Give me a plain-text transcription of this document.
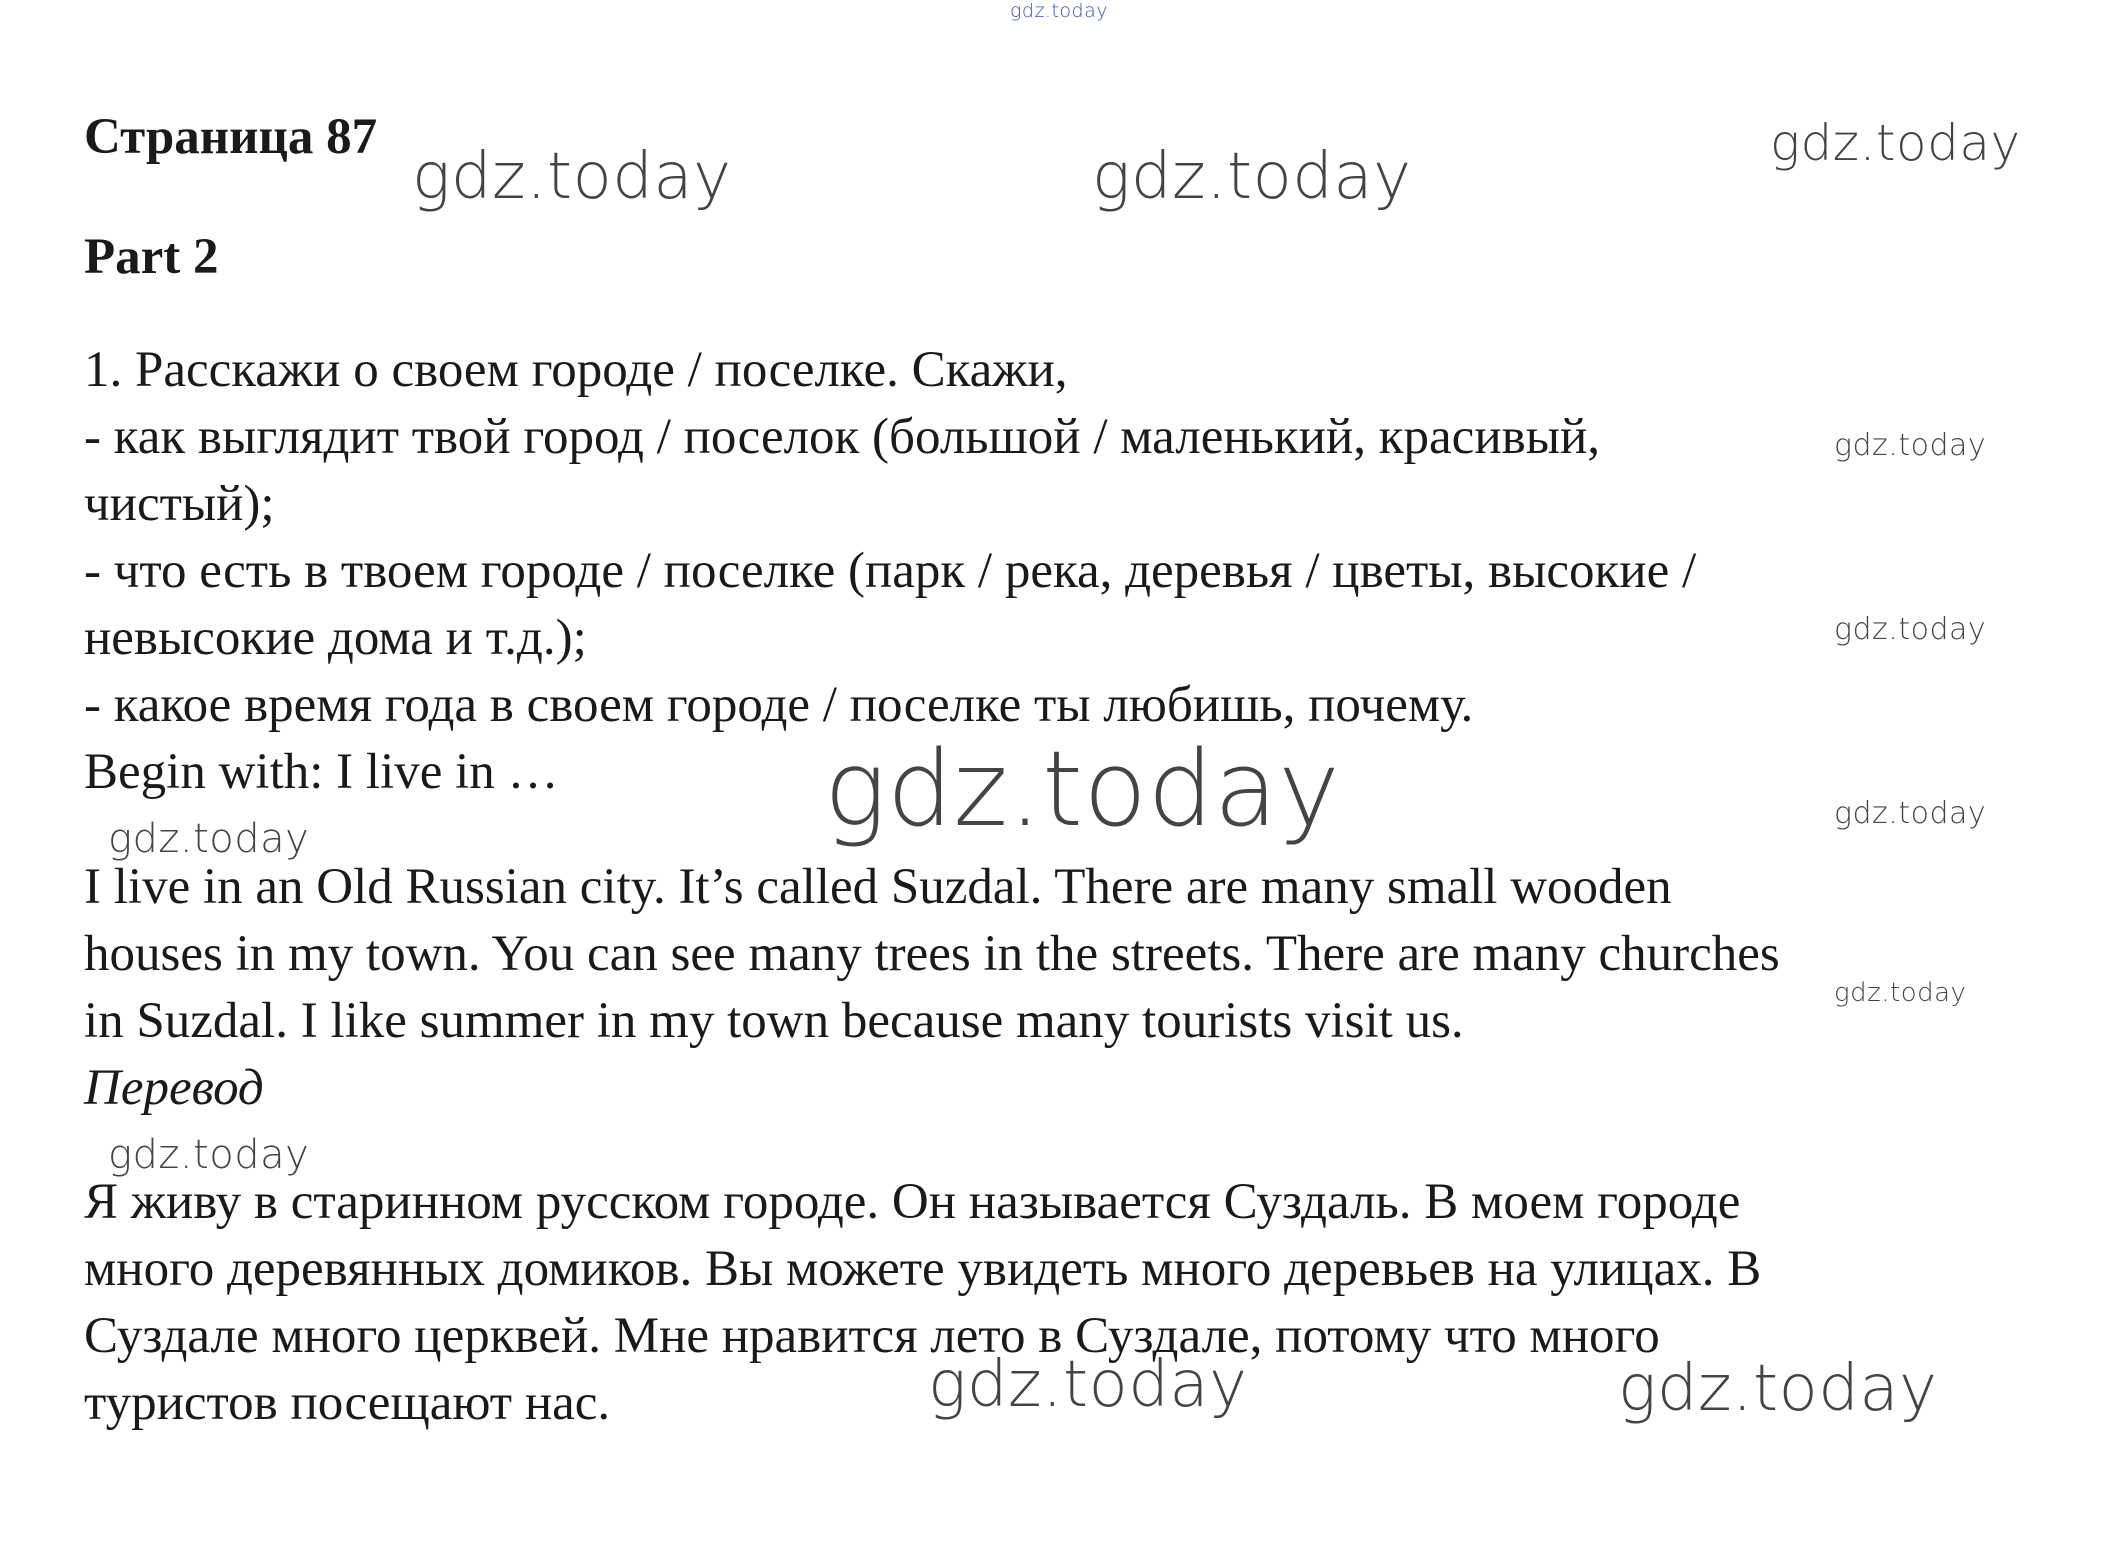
Страница 87
Part 2
1. Расскажи о своем городе / поселке. Скажи,
- как выглядит твой город / поселок (большой / маленький, красивый,
чистый);
- что есть в твоем городе / поселке (парк / река, деревья / цветы, высокие /
невысокие дома и т.д.);
- какое время года в своем городе / поселке ты любишь, почему.
Begin with: I live in …
I live in an Old Russian city. It’s called Suzdal. There are many small wooden
houses in my town. You can see many trees in the streets. There are many churches
in Suzdal. I like summer in my town because many tourists visit us.
Перевод
Я живу в старинном русском городе. Он называется Суздаль. В моем городе
много деревянных домиков. Вы можете увидеть много деревьев на улицах. В
Суздале много церквей. Мне нравится лето в Суздале, потому что много
туристов посещают нас.
gdz.today
gdz.today	gdz.today	gdz.today
gdz.today
gdz.today
gdz.today	gdz.today
gdz.today
gdz.today
gdz.today
gdz.today	gdz.today
